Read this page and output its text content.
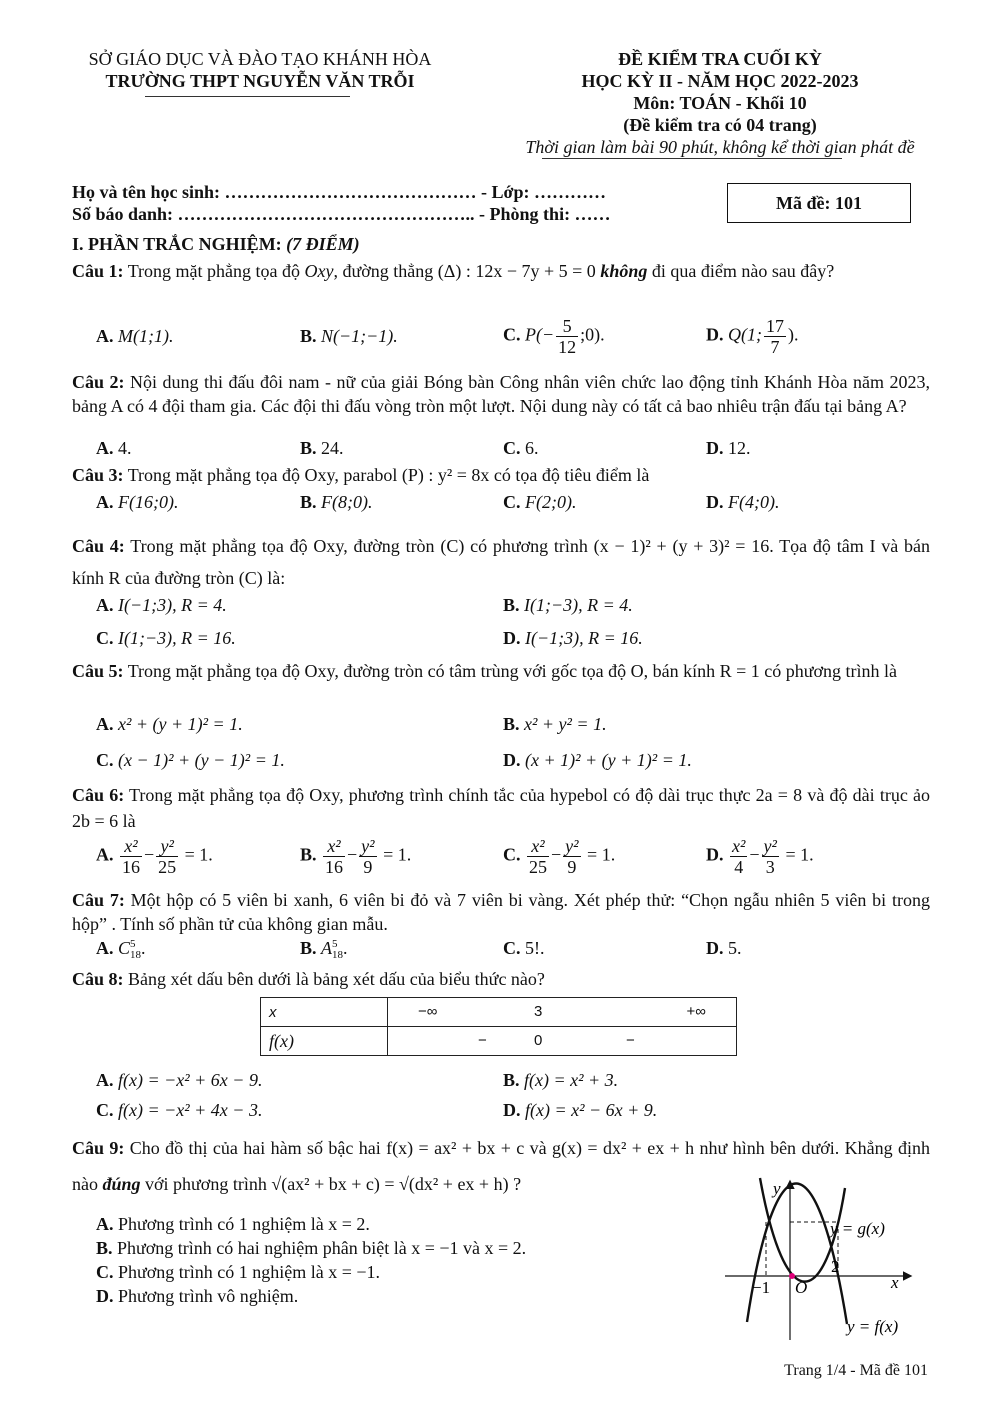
SỞ GIÁO DỤC VÀ ĐÀO TẠO KHÁNH HÒA
TRƯỜNG THPT NGUYỄN VĂN TRỖI
ĐỀ KIỂM TRA CUỐI KỲ
HỌC KỲ II - NĂM HỌC 2022-2023
Môn: TOÁN - Khối 10
(Đề kiểm tra có 04 trang)
Thời gian làm bài 90 phút, không kể thời gian phát đề
Họ và tên học sinh: …………………………………… - Lớp: …………
Số báo danh: ………………………………………….. - Phòng thi: ……
Mã đề: 101
I. PHẦN TRẮC NGHIỆM: (7 ĐIỂM)
Câu 1: Trong mặt phẳng tọa độ Oxy, đường thẳng (Δ) : 12x − 7y + 5 = 0 không đi qua điểm nào sau đây?
A. M(1;1).	B. N(−1;−1).	C. $P(- \frac{5}{12}$ ;0).	D. Q(1; $\frac{17}{7}$ ).
Câu 2: Nội dung thi đấu đôi nam - nữ của giải Bóng bàn Công nhân viên chức lao động tỉnh Khánh Hòa năm 2023, bảng A có 4 đội tham gia. Các đội thi đấu vòng tròn một lượt. Nội dung này có tất cả bao nhiêu trận đấu tại bảng A?
A. 4.	B. 24.	C. 6.	D. 12.
Câu 3: Trong mặt phẳng tọa độ Oxy, parabol (P) : y² = 8x có tọa độ tiêu điểm là
A. F(16;0).	B. F(8;0).	C. F(2;0).	D. F(4;0).
Câu 4: Trong mặt phẳng tọa độ Oxy, đường tròn (C) có phương trình (x − 1)² + (y + 3)² = 16. Tọa độ tâm I và bán kính R của đường tròn (C) là:
A. I(−1;3), R = 4.	B. I(1;−3), R = 4.
C. I(1;−3), R = 16.	D. I(−1;3), R = 16.
Câu 5: Trong mặt phẳng tọa độ Oxy, đường tròn có tâm trùng với gốc tọa độ O, bán kính R = 1 có phương trình là
A. x² + (y + 1)² = 1.	B. x² + y² = 1.
C. (x − 1)² + (y − 1)² = 1.	D. (x + 1)² + (y + 1)² = 1.
Câu 6: Trong mặt phẳng tọa độ Oxy, phương trình chính tắc của hypebol có độ dài trục thực 2a = 8 và độ dài trục ảo 2b = 6 là
A. $\frac{\text{x²}}{16} - \frac{\text{y²}}{25} = 1$.	B. $\frac{\text{x²}}{16} - \frac{\text{y²}}{9} = 1$.	C. $\frac{\text{x²}}{25} - \frac{\text{y²}}{9} = 1$.	D. $\frac{\text{x²}}{4} - \frac{\text{y²}}{3} = 1$.
Câu 7: Một hộp có 5 viên bi xanh, 6 viên bi đỏ và 7 viên bi vàng. Xét phép thử: “Chọn ngẫu nhiên 5 viên bi trong hộp” . Tính số phần tử của không gian mẫu.
A. C 5
18 .	B. A 5
18 .	C. 5!.	D. 5.
Câu 8: Bảng xét dấu bên dưới là bảng xét dấu của biểu thức nào?
x	−∞ 3 +∞

f(x)	− 0 −
A. f(x) = −x² + 6x − 9.	B. f(x) = x² + 3.
C. f(x) = −x² + 4x − 3.	D. f(x) = x² − 6x + 9.
Câu 9: Cho đồ thị của hai hàm số bậc hai f(x) = ax² + bx + c và g(x) = dx² + ex + h như hình bên dưới. Khẳng định nào đúng với phương trình √(ax² + bx + c) = √(dx² + ex + h) ?
A. Phương trình có 1 nghiệm là x = 2.
B. Phương trình có hai nghiệm phân biệt là x = −1 và x = 2.
C. Phương trình có 1 nghiệm là x = −1.
D. Phương trình vô nghiệm.
y
x
O
−1
2
y = g(x)
y = f(x)
Trang 1/4 - Mã đề 101
